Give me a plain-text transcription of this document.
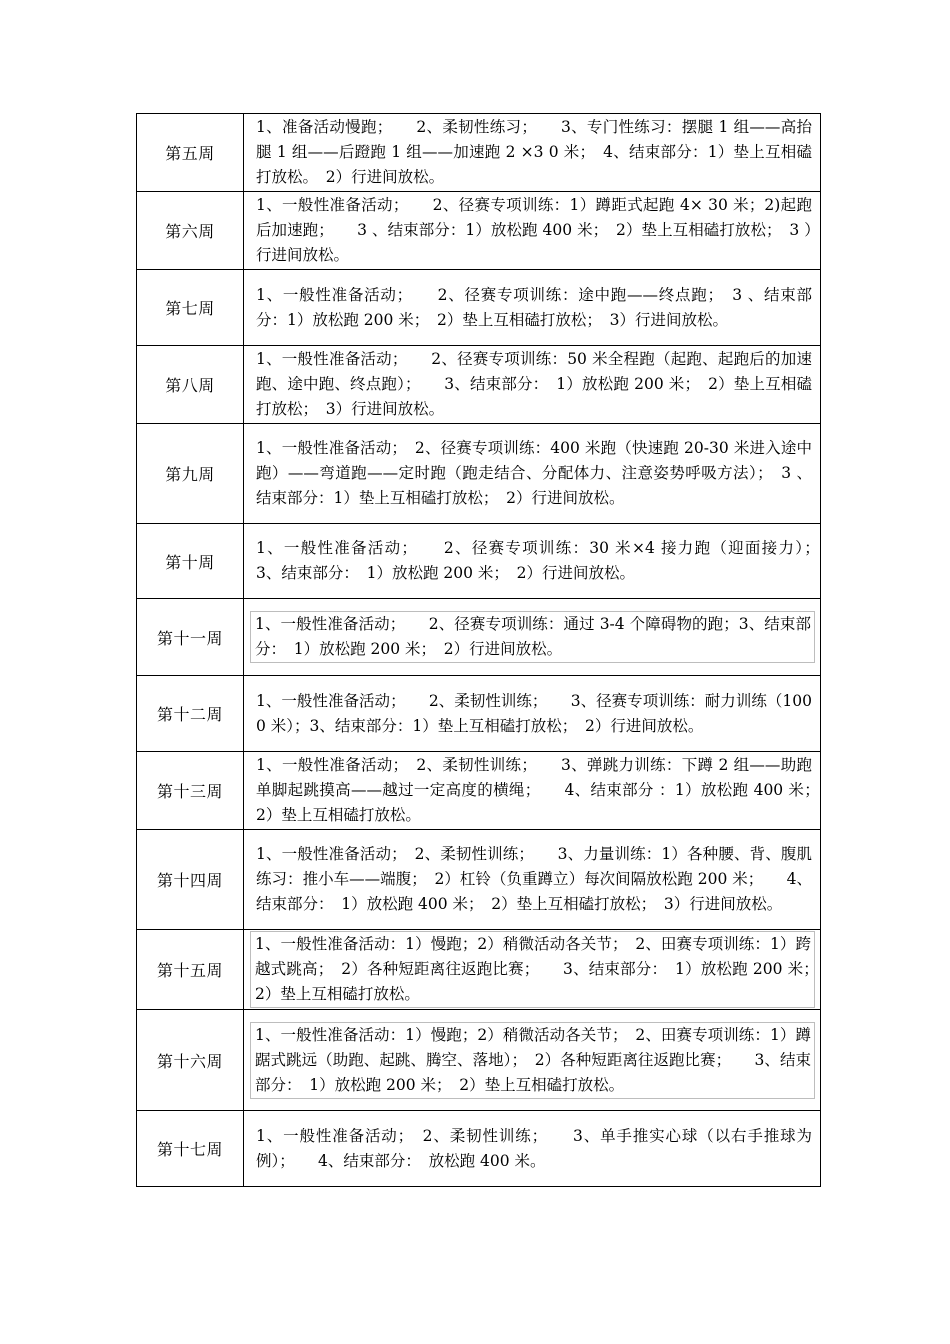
第五周	1、准备活动慢跑；　　2、柔韧性练习；　　3、专门性练习：摆腿 1 组——高抬腿 1 组——后蹬跑 1 组——加速跑 2 ×3 0 米；　4、结束部分：1）垫上互相磕打放松。　2）行进间放松。
第六周	1、一般性准备活动；　　2、径赛专项训练：1）蹲距式起跑 4× 30 米；2)起跑后加速跑；　　3 、结束部分：1）放松跑 400 米；　2）垫上互相磕打放松；　3 ）行进间放松。
第七周	1、一般性准备活动；　　2、径赛专项训练：途中跑——终点跑；　3 、结束部分：1）放松跑 200 米；　2）垫上互相磕打放松；　3）行进间放松。
第八周	1、一般性准备活动；　　2、径赛专项训练：50 米全程跑（起跑、起跑后的加速跑、途中跑、终点跑）；　　3、结束部分：　1）放松跑 200 米；　2）垫上互相磕打放松；　3）行进间放松。
第九周	1、一般性准备活动；　2、径赛专项训练：400 米跑（快速跑 20-30 米进入途中跑）——弯道跑——定时跑（跑走结合、分配体力、注意姿势呼吸方法）；　3 、结束部分：1）垫上互相磕打放松；　2）行进间放松。
第十周	1、一般性准备活动；　　2、径赛专项训练：30 米×4 接力跑（迎面接力）；　　3、结束部分：　1）放松跑 200 米；　2）行进间放松。
第十一周	1、一般性准备活动；　　2、径赛专项训练：通过 3-4 个障碍物的跑；3、结束部分：　1）放松跑 200 米；　2）行进间放松。

第十二周	1、一般性准备活动；　　2、柔韧性训练；　　3、径赛专项训练：耐力训练（1000 米）；3、结束部分：1）垫上互相磕打放松；　2）行进间放松。
第十三周	1、一般性准备活动；　2、柔韧性训练；　　3、弹跳力训练：下蹲 2 组——助跑单脚起跳摸高——越过一定高度的横绳；　　4、结束部分 ：1）放松跑 400 米；　2）垫上互相磕打放松。
第十四周	1、一般性准备活动；　2、柔韧性训练；　　3、力量训练：1）各种腰、背、腹肌练习：推小车——端腹；　2）杠铃（负重蹲立）每次间隔放松跑 200 米；　　4、结束部分：　1）放松跑 400 米；　2）垫上互相磕打放松；　3）行进间放松。
第十五周	1、一般性准备活动：1）慢跑；2）稍微活动各关节；　2、田赛专项训练：1）跨越式跳高；　2）各种短距离往返跑比赛；　　3、结束部分：　1）放松跑 200 米；　2）垫上互相磕打放松。

第十六周	1、一般性准备活动：1）慢跑；2）稍微活动各关节；　2、田赛专项训练：1）蹲踞式跳远（助跑、起跳、腾空、落地）；　2）各种短距离往返跑比赛；　　3、结束部分：　1）放松跑 200 米；　2）垫上互相磕打放松。

第十七周	1、一般性准备活动；　2、柔韧性训练；　　3、单手推实心球（以右手推球为例）；　　4、结束部分：　放松跑 400 米。
